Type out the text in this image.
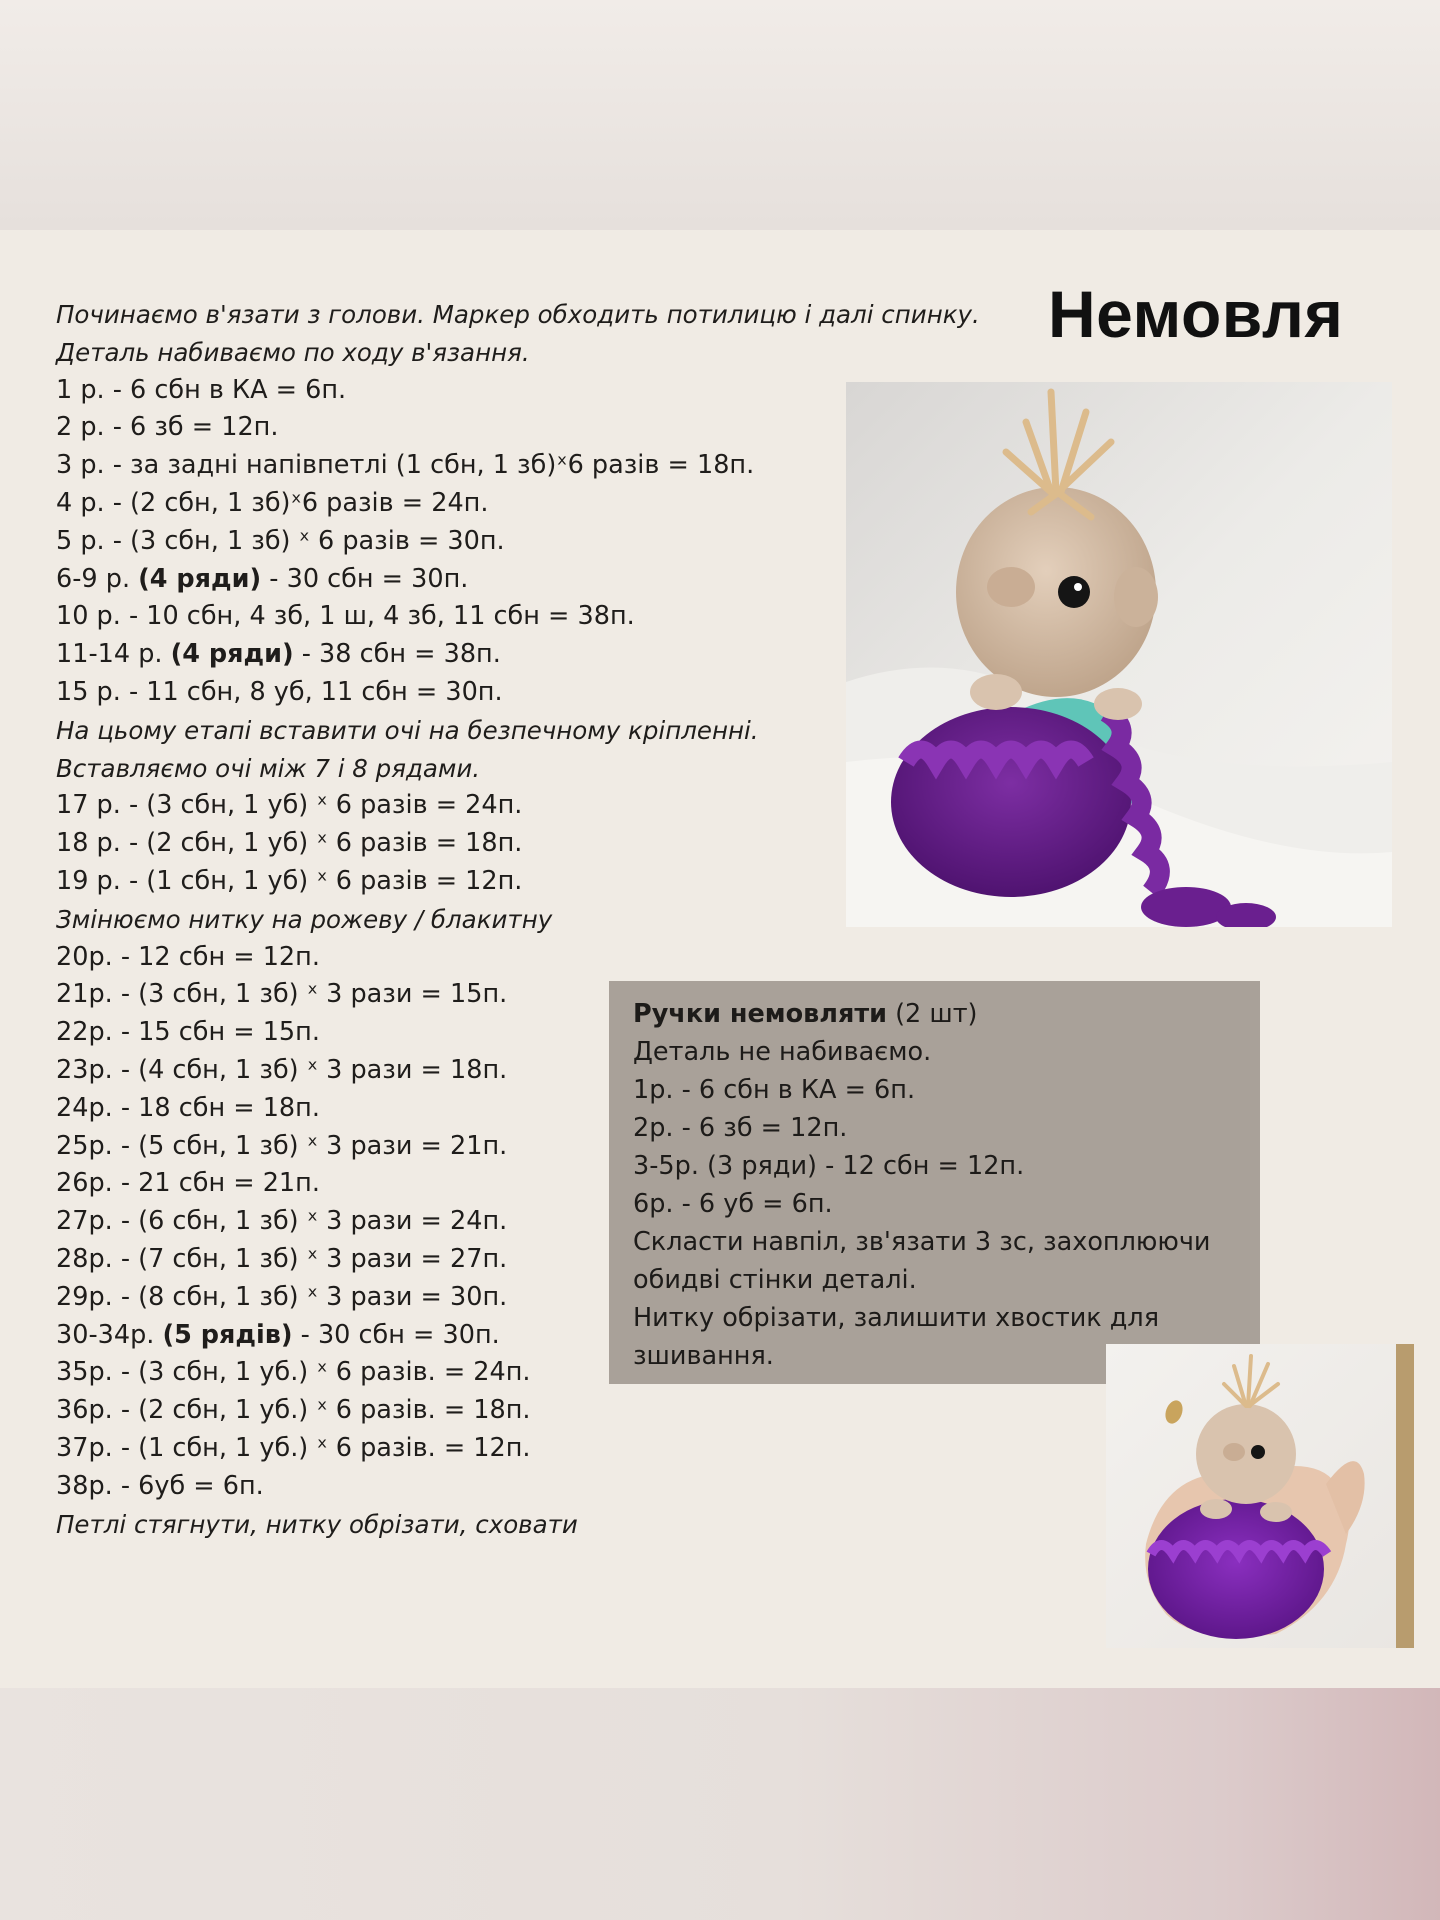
Немовля
Починаємо в'язати з голови. Маркер обходить потилицю і далі спинку.
Деталь набиваємо по ходу в'язання.
1 р. - 6 сбн в КА = 6п.
2 р. - 6 зб = 12п.
3 р. - за задні напівпетлі (1 сбн, 1 зб)ˣ6 разів = 18п.
4 р. - (2 сбн, 1 зб)ˣ6 разів = 24п.
5 р. - (3 сбн, 1 зб) ˣ 6 разів = 30п.
6-9 р. (4 ряди) - 30 сбн = 30п.
10 р. - 10 сбн, 4 зб, 1 ш, 4 зб, 11 сбн = 38п.
11-14 р. (4 ряди) - 38 сбн = 38п.
15 р. - 11 сбн, 8 уб, 11 сбн = 30п.
На цьому етапі вставити очі на безпечному кріпленні.
Вставляємо очі між 7 і 8 рядами.
17 р. - (3 сбн, 1 уб) ˣ 6 разів = 24п.
18 р. - (2 сбн, 1 уб) ˣ 6 разів = 18п.
19 р. - (1 сбн, 1 уб) ˣ 6 разів = 12п.
Змінюємо нитку на рожеву / блакитну
20р. - 12 сбн = 12п.
21р. - (3 сбн, 1 зб) ˣ 3 рази = 15п.
22р. - 15 сбн = 15п.
23р. - (4 сбн, 1 зб) ˣ 3 рази = 18п.
24р. - 18 сбн = 18п.
25р. - (5 сбн, 1 зб) ˣ 3 рази = 21п.
26р. - 21 сбн = 21п.
27р. - (6 сбн, 1 зб) ˣ 3 рази = 24п.
28р. - (7 сбн, 1 зб) ˣ 3 рази = 27п.
29р. - (8 сбн, 1 зб) ˣ 3 рази = 30п.
30-34р. (5 рядів) - 30 сбн = 30п.
35р. - (3 сбн, 1 уб.) ˣ 6 разів. = 24п.
36р. - (2 сбн, 1 уб.) ˣ 6 разів. = 18п.
37р. - (1 сбн, 1 уб.) ˣ 6 разів. = 12п.
38р. - 6уб = 6п.
Петлі стягнути, нитку обрізати, сховати
Ручки немовляти (2 шт)
Деталь не набиваємо.
1р. - 6 сбн в КА = 6п.
2р. - 6 зб = 12п.
3-5р. (3 ряди) - 12 сбн = 12п.
6р. - 6 уб = 6п.
Скласти навпіл, зв'язати 3 зс, захоплюючи
обидві стінки деталі.
Нитку обрізати, залишити хвостик для
зшивання.
